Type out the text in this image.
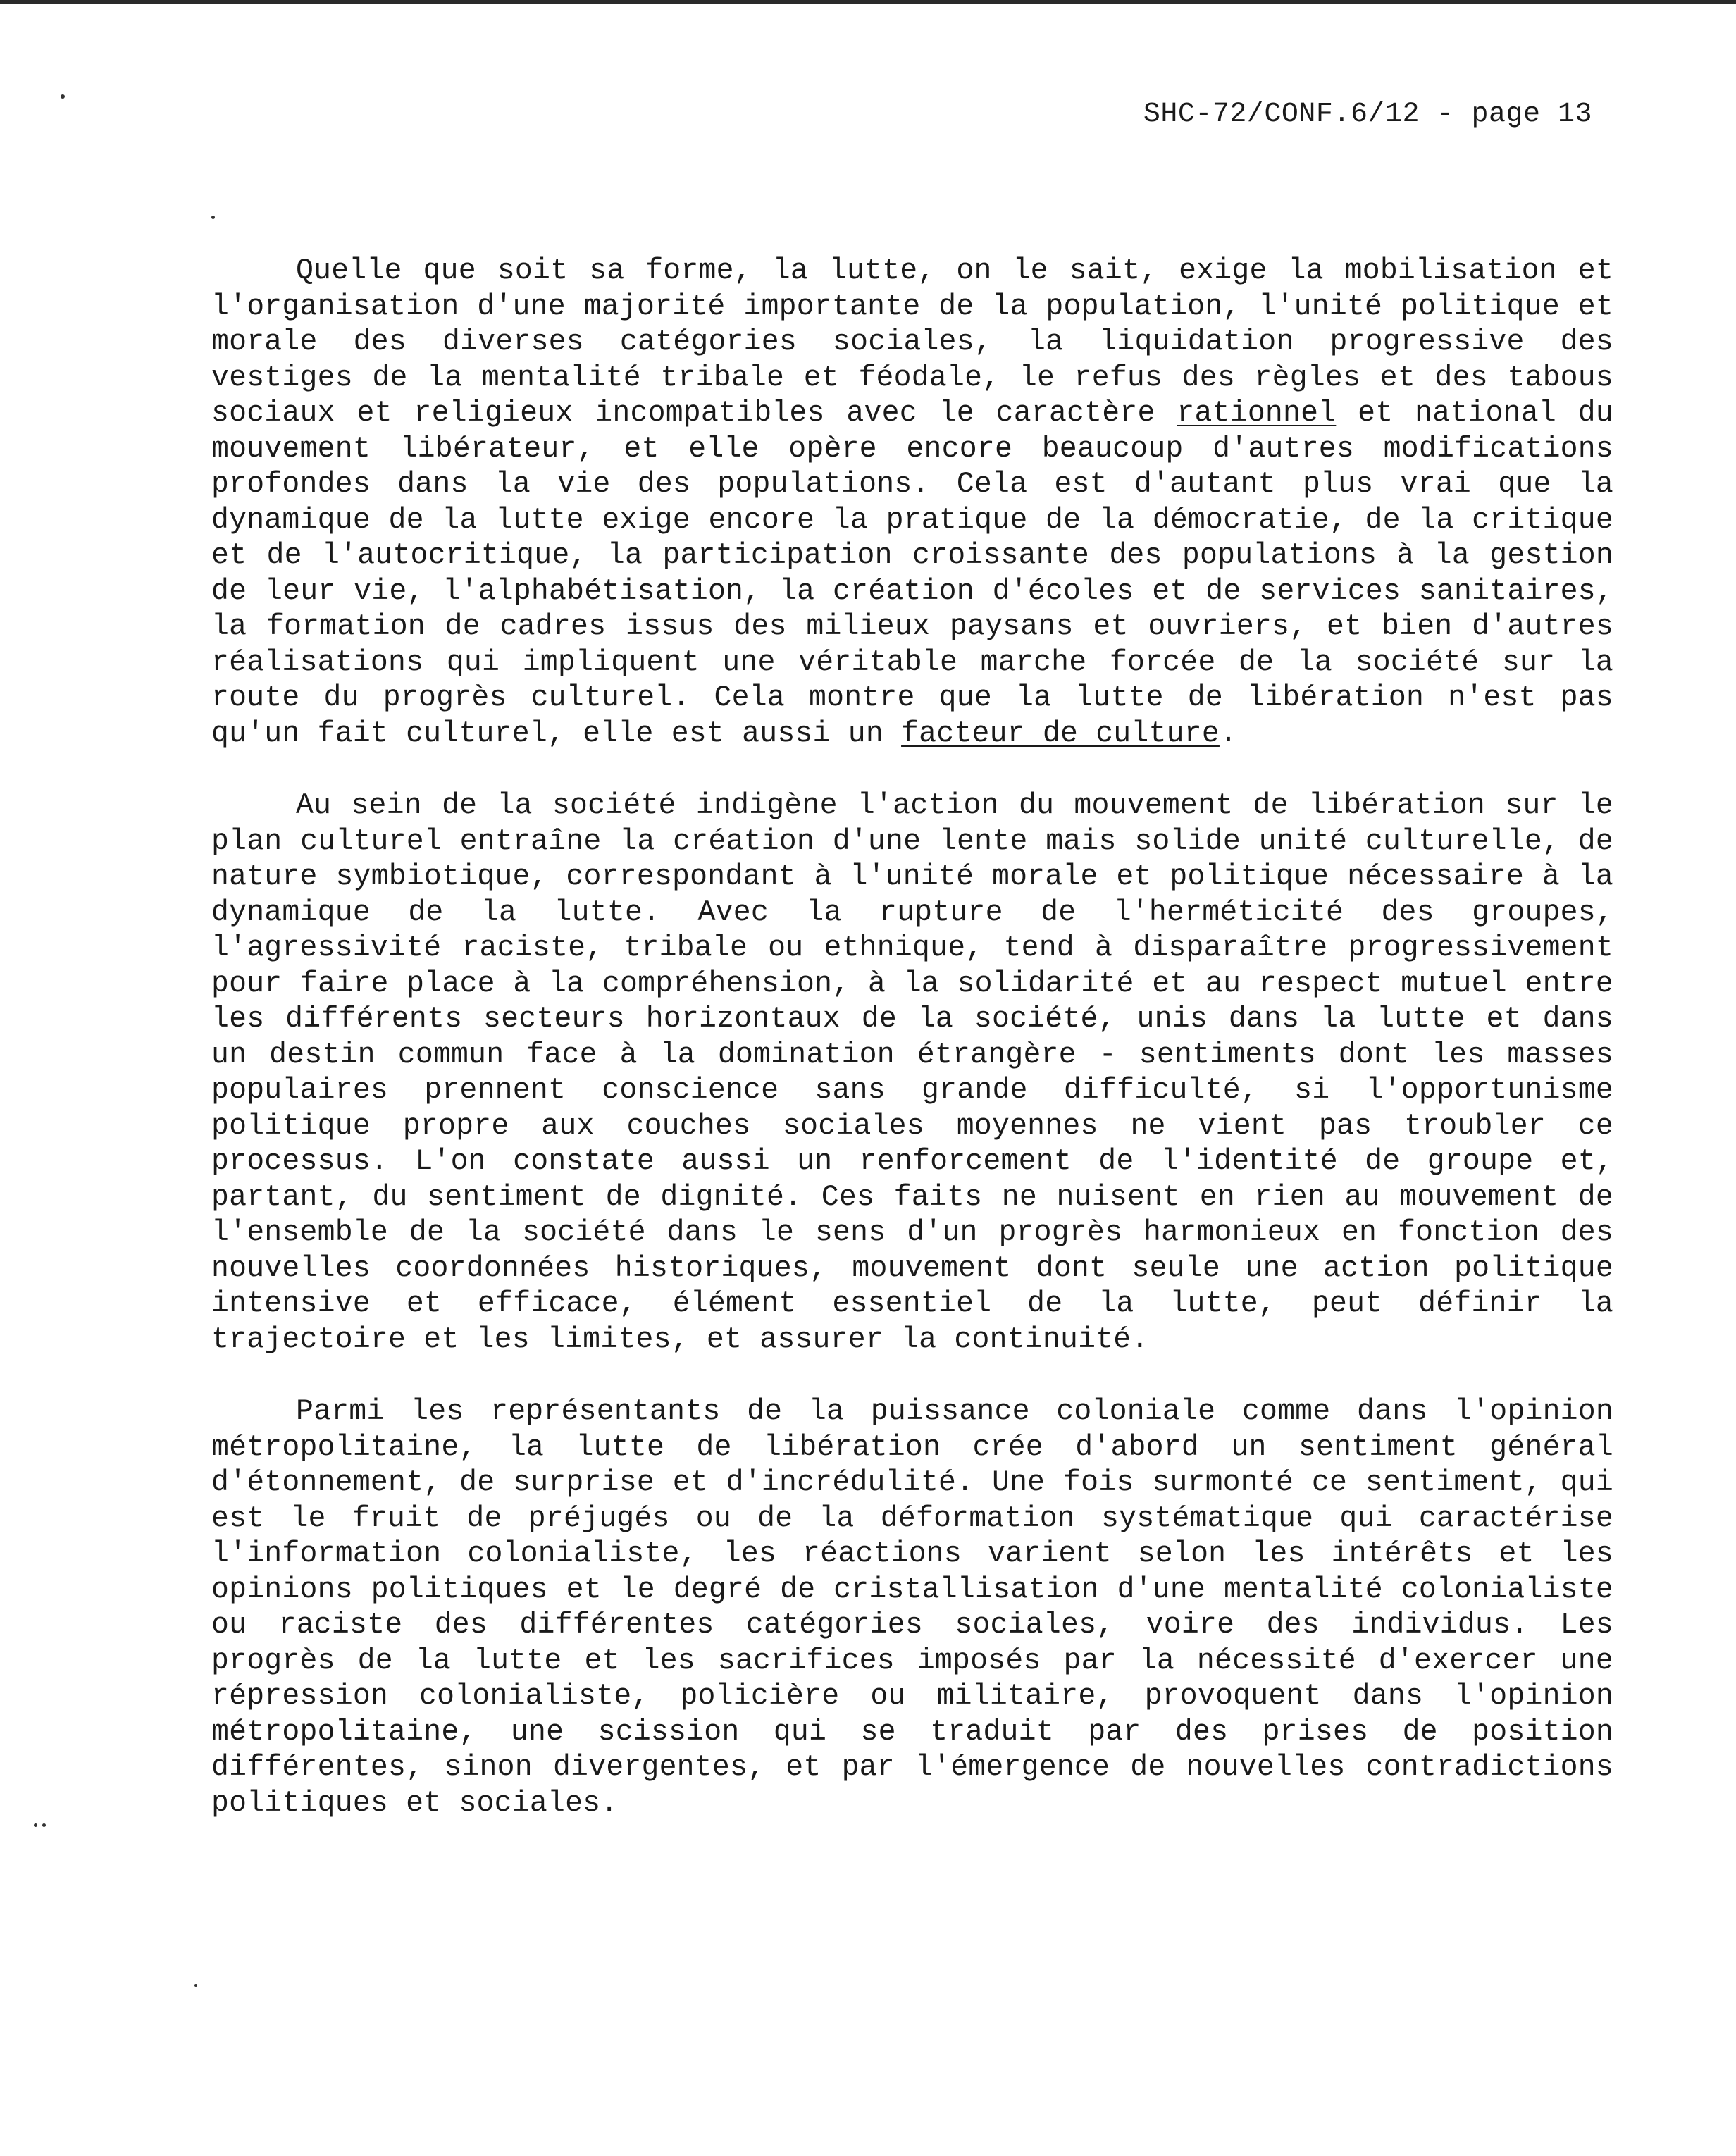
SHC-72/CONF.6/12 - page 13

Quelle que soit sa forme, la lutte, on le sait, exige la mobilisation et l'organisation d'une majorité importante de la population, l'unité politique et morale des diverses catégories sociales, la liquidation progressive des vestiges de la mentalité tribale et féodale, le refus des règles et des tabous sociaux et religieux incompatibles avec le caractère rationnel et national du mouvement libérateur, et elle opère encore beaucoup d'autres modifications profondes dans la vie des populations. Cela est d'autant plus vrai que la dynamique de la lutte exige encore la pratique de la démocratie, de la critique et de l'autocritique, la participation croissante des populations à la gestion de leur vie, l'alphabétisation, la création d'écoles et de services sanitaires, la formation de cadres issus des milieux paysans et ouvriers, et bien d'autres réalisations qui impliquent une véritable marche forcée de la société sur la route du progrès culturel. Cela montre que la lutte de libération n'est pas qu'un fait culturel, elle est aussi un facteur de culture.

Au sein de la société indigène l'action du mouvement de libération sur le plan culturel entraîne la création d'une lente mais solide unité culturelle, de nature symbiotique, correspondant à l'unité morale et politique nécessaire à la dynamique de la lutte. Avec la rupture de l'herméticité des groupes, l'agressivité raciste, tribale ou ethnique, tend à disparaître progressivement pour faire place à la compréhension, à la solidarité et au respect mutuel entre les différents secteurs horizontaux de la société, unis dans la lutte et dans un destin commun face à la domination étrangère - sentiments dont les masses populaires prennent conscience sans grande difficulté, si l'opportunisme politique propre aux couches sociales moyennes ne vient pas troubler ce processus. L'on constate aussi un renforcement de l'identité de groupe et, partant, du sentiment de dignité. Ces faits ne nuisent en rien au mouvement de l'ensemble de la société dans le sens d'un progrès harmonieux en fonction des nouvelles coordonnées historiques, mouvement dont seule une action politique intensive et efficace, élément essentiel de la lutte, peut définir la trajectoire et les limites, et assurer la continuité.

Parmi les représentants de la puissance coloniale comme dans l'opinion métropolitaine, la lutte de libération crée d'abord un sentiment général d'étonnement, de surprise et d'incrédulité. Une fois surmonté ce sentiment, qui est le fruit de préjugés ou de la déformation systématique qui caractérise l'information colonialiste, les réactions varient selon les intérêts et les opinions politiques et le degré de cristallisation d'une mentalité colonialiste ou raciste des différentes catégories sociales, voire des individus. Les progrès de la lutte et les sacrifices imposés par la nécessité d'exercer une répression colonialiste, policière ou militaire, provoquent dans l'opinion métropolitaine, une scission qui se traduit par des prises de position différentes, sinon divergentes, et par l'émergence de nouvelles contradictions politiques et sociales.
